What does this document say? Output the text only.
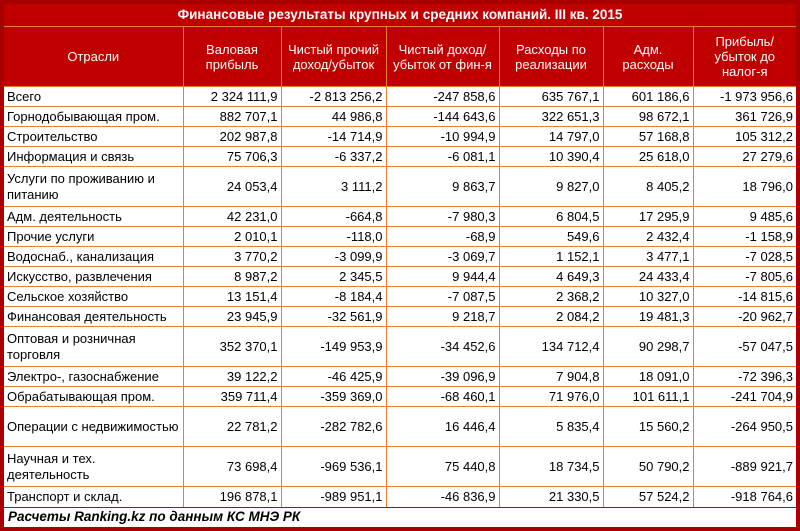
Финансовые результаты крупных и средних компаний. III кв. 2015
Отрасли	Валовая прибыль	Чистый прочий доход/убыток	Чистый доход/убыток от фин-я	Расходы по реализации	Адм. расходы	Прибыль/убыток до налог-я
Всего	2 324 111,9	-2 813 256,2	-247 858,6	635 767,1	601 186,6	-1 973 956,6
Горнодобывающая пром.	882 707,1	44 986,8	-144 643,6	322 651,3	98 672,1	361 726,9
Строительство	202 987,8	-14 714,9	-10 994,9	14 797,0	57 168,8	105 312,2
Информация и связь	75 706,3	-6 337,2	-6 081,1	10 390,4	25 618,0	27 279,6
Услуги по проживанию и питанию	24 053,4	3 111,2	9 863,7	9 827,0	8 405,2	18 796,0
Адм. деятельность	42 231,0	-664,8	-7 980,3	6 804,5	17 295,9	9 485,6
Прочие услуги	2 010,1	-118,0	-68,9	549,6	2 432,4	-1 158,9
Водоснаб., канализация	3 770,2	-3 099,9	-3 069,7	1 152,1	3 477,1	-7 028,5
Искусство, развлечения	8 987,2	2 345,5	9 944,4	4 649,3	24 433,4	-7 805,6
Сельское хозяйство	13 151,4	-8 184,4	-7 087,5	2 368,2	10 327,0	-14 815,6
Финансовая деятельность	23 945,9	-32 561,9	9 218,7	2 084,2	19 481,3	-20 962,7
Оптовая и розничная торговля	352 370,1	-149 953,9	-34 452,6	134 712,4	90 298,7	-57 047,5
Электро-, газоснабжение	39 122,2	-46 425,9	-39 096,9	7 904,8	18 091,0	-72 396,3
Обрабатывающая пром.	359 711,4	-359 369,0	-68 460,1	71 976,0	101 611,1	-241 704,9
Операции с недвижимостью	22 781,2	-282 782,6	16 446,4	5 835,4	15 560,2	-264 950,5
Научная и тех. деятельность	73 698,4	-969 536,1	75 440,8	18 734,5	50 790,2	-889 921,7
Транспорт и склад.	196 878,1	-989 951,1	-46 836,9	21 330,5	57 524,2	-918 764,6
Расчеты Ranking.kz по данным КС МНЭ РК
